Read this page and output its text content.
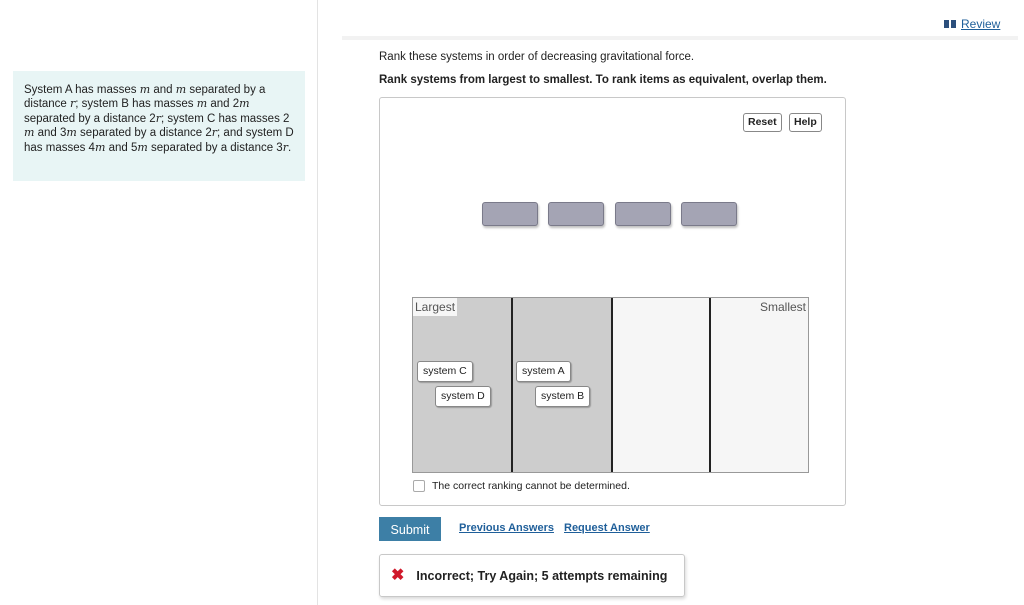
System A has masses m and m separated by a distance r; system B has masses m and 2m separated by a distance 2r; system C has masses 2 m and 3m separated by a distance 2r; and system D has masses 4m and 5m separated by a distance 3r.
Review
Rank these systems in order of decreasing gravitational force.
Rank systems from largest to smallest. To rank items as equivalent, overlap them.
Reset	Help
Largest	Smallest
system C
system D
system A
system B
The correct ranking cannot be determined.
Submit	Previous Answers Request Answer
✖ Incorrect; Try Again; 5 attempts remaining
